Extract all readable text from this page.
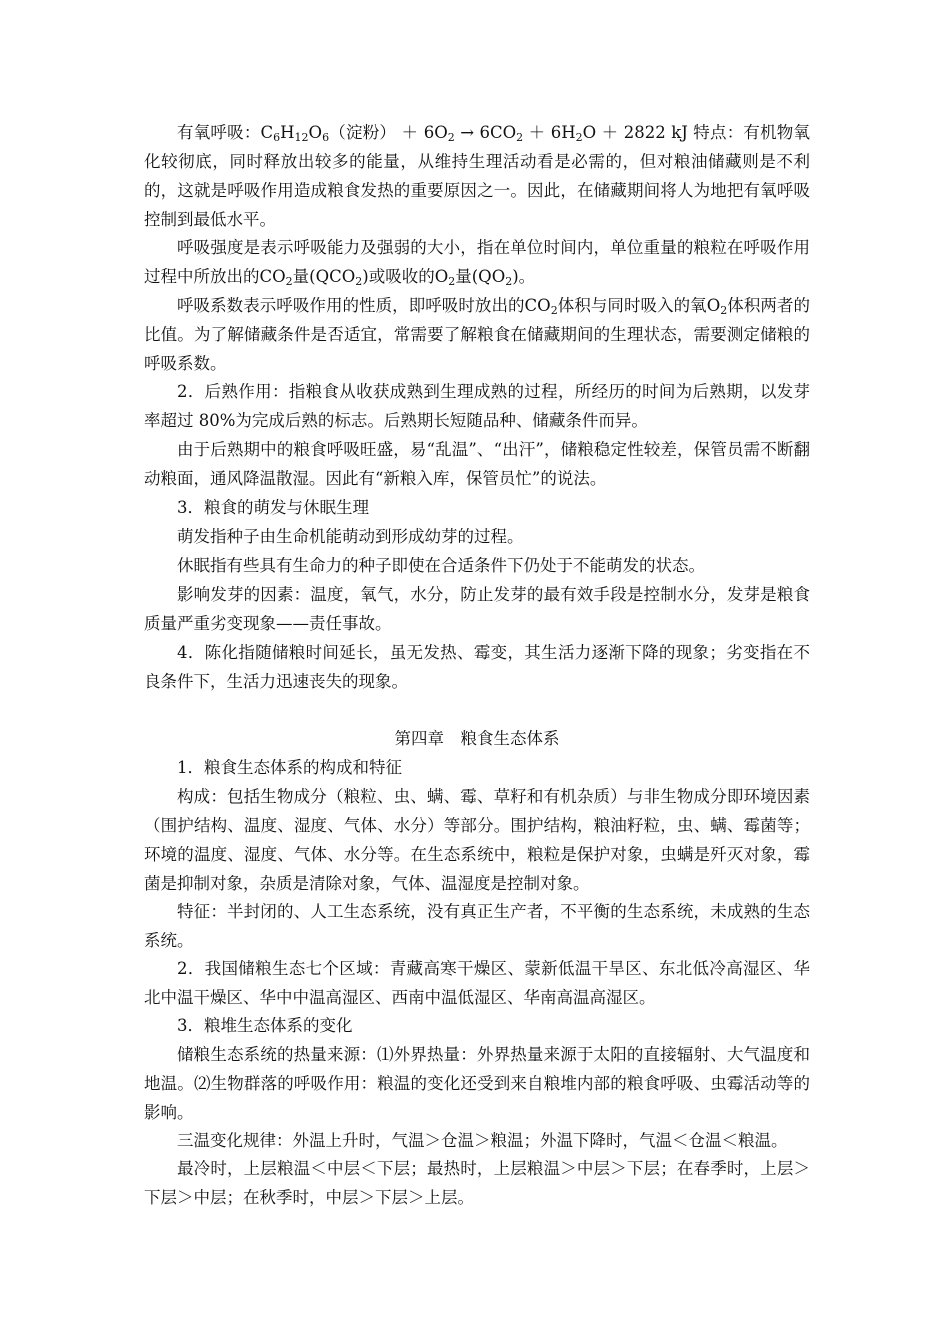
有氧呼吸：$C_6H_{12}O_6$（淀粉） ＋ $6O_2 \to 6CO_2 + 6H_2O + 2822$ kJ 特点：有机物氧化较彻底，同时释放出较多的能量，从维持生理活动看是必需的，但对粮油储藏则是不利的，这就是呼吸作用造成粮食发热的重要原因之一。因此，在储藏期间将人为地把有氧呼吸控制到最低水平。

呼吸强度是表示呼吸能力及强弱的大小，指在单位时间内，单位重量的粮粒在呼吸作用过程中所放出的$CO_2$量$(QCO_2)$或吸收的$O_2$量$(QO_2)$。

呼吸系数表示呼吸作用的性质，即呼吸时放出的$CO_2$体积与同时吸入的氧$O_2$体积两者的比值。为了解储藏条件是否适宜，常需要了解粮食在储藏期间的生理状态，需要测定储粮的呼吸系数。

2．后熟作用：指粮食从收获成熟到生理成熟的过程，所经历的时间为后熟期，以发芽率超过 80%为完成后熟的标志。后熟期长短随品种、储藏条件而异。

由于后熟期中的粮食呼吸旺盛，易“乱温”、“出汗”，储粮稳定性较差，保管员需不断翻动粮面，通风降温散湿。因此有“新粮入库，保管员忙”的说法。

3．粮食的萌发与休眠生理

萌发指种子由生命机能萌动到形成幼芽的过程。

休眠指有些具有生命力的种子即使在合适条件下仍处于不能萌发的状态。

影响发芽的因素：温度，氧气，水分，防止发芽的最有效手段是控制水分，发芽是粮食质量严重劣变现象——责任事故。

4．陈化指随储粮时间延长，虽无发热、霉变，其生活力逐渐下降的现象；劣变指在不良条件下，生活力迅速丧失的现象。

第四章　粮食生态体系

1．粮食生态体系的构成和特征

构成：包括生物成分（粮粒、虫、螨、霉、草籽和有机杂质）与非生物成分即环境因素（围护结构、温度、湿度、气体、水分）等部分。围护结构，粮油籽粒，虫、螨、霉菌等；环境的温度、湿度、气体、水分等。在生态系统中，粮粒是保护对象，虫螨是歼灭对象，霉菌是抑制对象，杂质是清除对象，气体、温湿度是控制对象。

特征：半封闭的、人工生态系统，没有真正生产者，不平衡的生态系统，未成熟的生态系统。

2．我国储粮生态七个区域：青藏高寒干燥区、蒙新低温干旱区、东北低冷高湿区、华北中温干燥区、华中中温高湿区、西南中温低湿区、华南高温高湿区。

3．粮堆生态体系的变化

储粮生态系统的热量来源：⑴外界热量：外界热量来源于太阳的直接辐射、大气温度和地温。⑵生物群落的呼吸作用：粮温的变化还受到来自粮堆内部的粮食呼吸、虫霉活动等的影响。

三温变化规律：外温上升时，气温＞仓温＞粮温；外温下降时，气温＜仓温＜粮温。

最冷时，上层粮温＜中层＜下层；最热时，上层粮温＞中层＞下层；在春季时，上层＞下层＞中层；在秋季时，中层＞下层＞上层。
